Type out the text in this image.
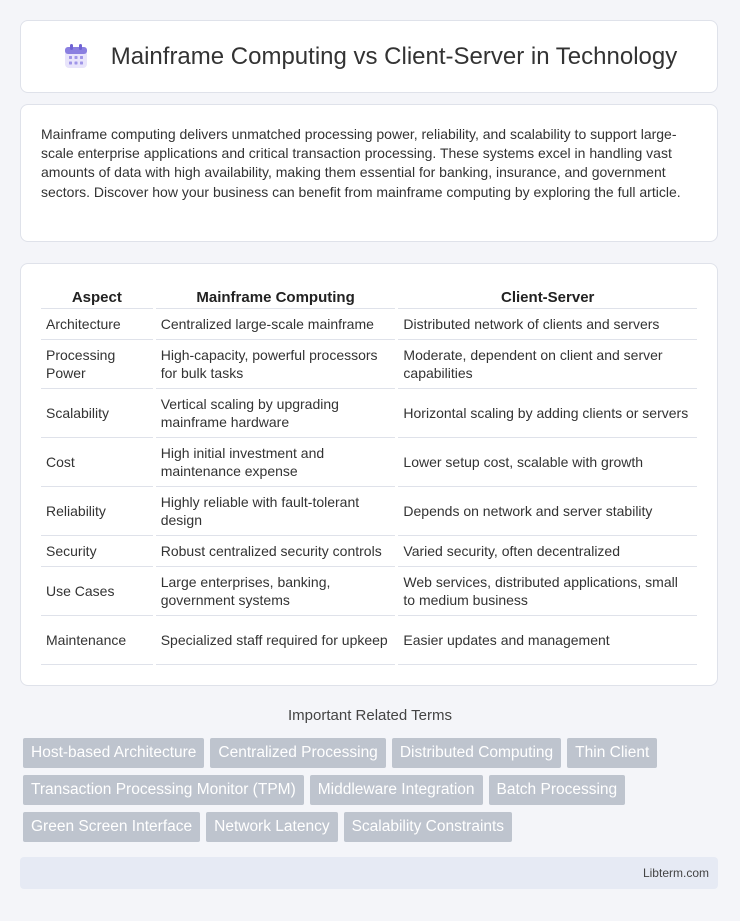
Mainframe Computing vs Client-Server in Technology

Mainframe computing delivers unmatched processing power, reliability, and scalability to support large-scale enterprise applications and critical transaction processing. These systems excel in handling vast amounts of data with high availability, making them essential for banking, insurance, and government sectors. Discover how your business can benefit from mainframe computing by exploring the full article.

Aspect	Mainframe Computing	Client-Server
Architecture	Centralized large-scale mainframe	Distributed network of clients and servers
Processing Power	High-capacity, powerful processors for bulk tasks	Moderate, dependent on client and server capabilities
Scalability	Vertical scaling by upgrading mainframe hardware	Horizontal scaling by adding clients or servers
Cost	High initial investment and maintenance expense	Lower setup cost, scalable with growth
Reliability	Highly reliable with fault-tolerant design	Depends on network and server stability
Security	Robust centralized security controls	Varied security, often decentralized
Use Cases	Large enterprises, banking, government systems	Web services, distributed applications, small to medium business
Maintenance	Specialized staff required for upkeep	Easier updates and management
Important Related Terms
Host-based Architecture	Centralized Processing	Distributed Computing	Thin Client
Transaction Processing Monitor (TPM)	Middleware Integration	Batch Processing
Green Screen Interface	Network Latency	Scalability Constraints
Libterm.com
